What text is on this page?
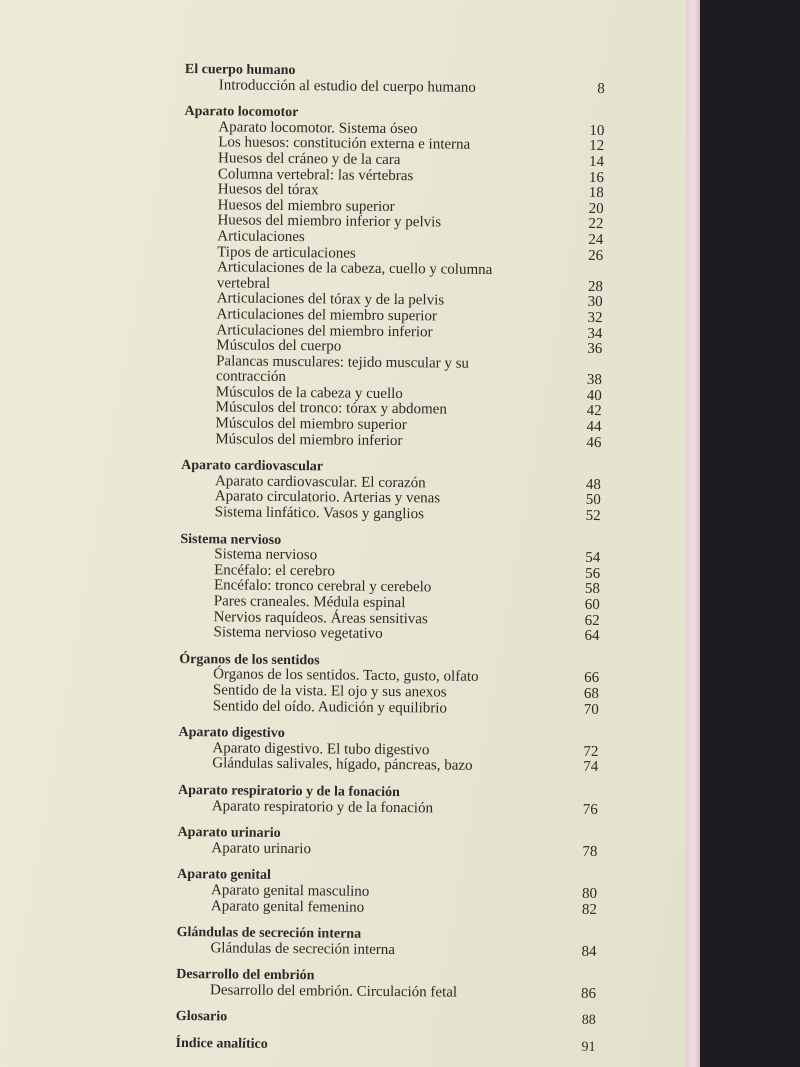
El cuerpo humano
Introducción al estudio del cuerpo humano	8
Aparato locomotor
Aparato locomotor. Sistema óseo	10
Los huesos: constitución externa e interna	12
Huesos del cráneo y de la cara	14
Columna vertebral: las vértebras	16
Huesos del tórax	18
Huesos del miembro superior	20
Huesos del miembro inferior y pelvis	22
Articulaciones	24
Tipos de articulaciones	26
Articulaciones de la cabeza, cuello y columna vertebral	28
Articulaciones del tórax y de la pelvis	30
Articulaciones del miembro superior	32
Articulaciones del miembro inferior	34
Músculos del cuerpo	36
Palancas musculares: tejido muscular y su contracción	38
Músculos de la cabeza y cuello	40
Músculos del tronco: tórax y abdomen	42
Músculos del miembro superior	44
Músculos del miembro inferior	46
Aparato cardiovascular
Aparato cardiovascular. El corazón	48
Aparato circulatorio. Arterias y venas	50
Sistema linfático. Vasos y ganglios	52
Sistema nervioso
Sistema nervioso	54
Encéfalo: el cerebro	56
Encéfalo: tronco cerebral y cerebelo	58
Pares craneales. Médula espinal	60
Nervios raquídeos. Áreas sensitivas	62
Sistema nervioso vegetativo	64
Órganos de los sentidos
Órganos de los sentidos. Tacto, gusto, olfato	66
Sentido de la vista. El ojo y sus anexos	68
Sentido del oído. Audición y equilibrio	70
Aparato digestivo
Aparato digestivo. El tubo digestivo	72
Glándulas salivales, hígado, páncreas, bazo	74
Aparato respiratorio y de la fonación
Aparato respiratorio y de la fonación	76
Aparato urinario
Aparato urinario	78
Aparato genital
Aparato genital masculino	80
Aparato genital femenino	82
Glándulas de secreción interna
Glándulas de secreción interna	84
Desarrollo del embrión
Desarrollo del embrión. Circulación fetal	86
Glosario	88
Índice analítico	91
